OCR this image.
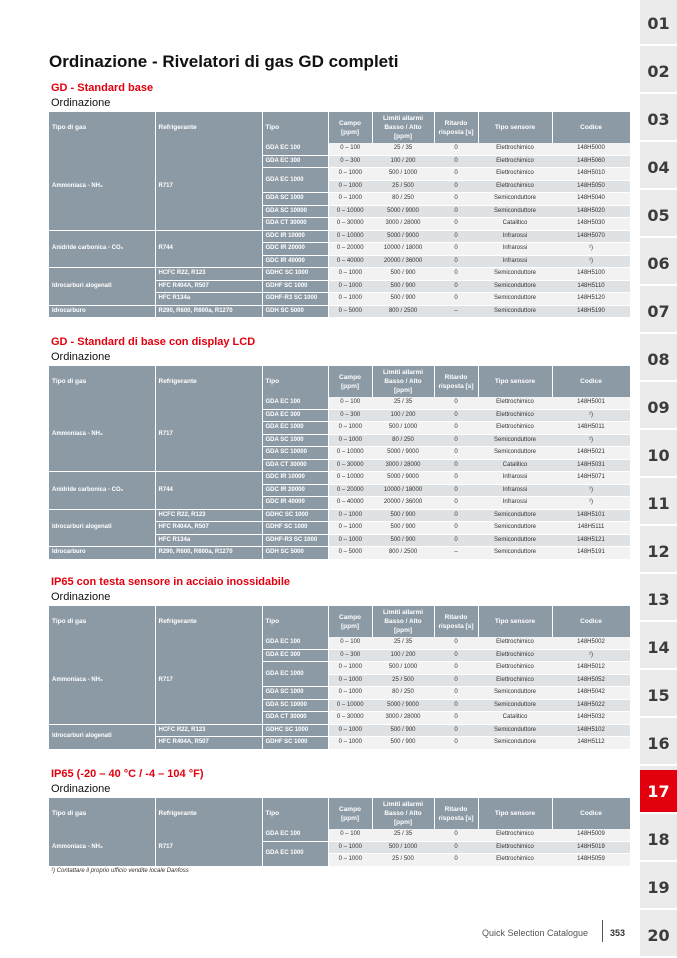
01
02
03
04
05
06
07
08
09
10
11
12
13
14
15
16
17
18
19
20
Ordinazione - Rivelatori di gas GD completi
GD - Standard base
Ordinazione
Tipo di gas	Refrigerante	Tipo	Campo [ppm]	Limiti allarmi Basso / Alto [ppm]	Ritardo risposta [s]	Tipo sensore	Codice
Ammoniaca - NH₃	R717	GDA EC 100	0 – 100	25 / 35	0	Elettrochimico	148H5000
		GDA EC 300	0 – 300	100 / 200	0	Elettrochimico	148H5060
		GDA EC 1000	0 – 1000	500 / 1000	0	Elettrochimico	148H5010
			0 – 1000	25 / 500	0	Elettrochimico	148H5050
		GDA SC 1000	0 – 1000	80 / 250	0	Semiconduttore	148H5040
		GDA SC 10000	0 – 10000	5000 / 9000	0	Semiconduttore	148H5020
		GDA CT 30000	0 – 30000	3000 / 28000	0	Catalitico	148H5030
Anidride carbonica - CO₂	R744	GDC IR 10000	0 – 10000	5000 / 9000	0	Infrarossi	148H5070
		GDC IR 20000	0 – 20000	10000 / 18000	0	Infrarossi	¹)
		GDC IR 40000	0 – 40000	20000 / 36000	0	Infrarossi	¹)
Idrocarburi alogenati	HCFC R22, R123	GDHC SC 1000	0 – 1000	500 / 900	0	Semiconduttore	148H5100
	HFC R404A, R507	GDHF SC 1000	0 – 1000	500 / 900	0	Semiconduttore	148H5110
	HFC R134a	GDHF-R3 SC 1000	0 – 1000	500 / 900	0	Semiconduttore	148H5120
Idrocarburo	R290, R600, R600a, R1270	GDH SC 5000	0 – 5000	800 / 2500	–	Semiconduttore	148H5190
GD - Standard di base con display LCD
Ordinazione
Tipo di gas	Refrigerante	Tipo	Campo [ppm]	Limiti allarmi Basso / Alto [ppm]	Ritardo risposta [s]	Tipo sensore	Codice
Ammoniaca - NH₃	R717	GDA EC 100	0 – 100	25 / 35	0	Elettrochimico	148H5001
		GDA EC 300	0 – 300	100 / 200	0	Elettrochimico	¹)
		GDA EC 1000	0 – 1000	500 / 1000	0	Elettrochimico	148H5011
		GDA SC 1000	0 – 1000	80 / 250	0	Semiconduttore	¹)
		GDA SC 10000	0 – 10000	5000 / 9000	0	Semiconduttore	148H5021
		GDA CT 30000	0 – 30000	3000 / 28000	0	Catalitico	148H5031
Anidride carbonica - CO₂	R744	GDC IR 10000	0 – 10000	5000 / 9000	0	Infrarossi	148H5071
		GDC IR 20000	0 – 20000	10000 / 18000	0	Infrarossi	¹)
		GDC IR 40000	0 – 40000	20000 / 36000	0	Infrarossi	¹)
Idrocarburi alogenati	HCFC R22, R123	GDHC SC 1000	0 – 1000	500 / 900	0	Semiconduttore	148H5101
	HFC R404A, R507	GDHF SC 1000	0 – 1000	500 / 900	0	Semiconduttore	148H5111
	HFC R134a	GDHF-R3 SC 1000	0 – 1000	500 / 900	0	Semiconduttore	148H5121
Idrocarburo	R290, R600, R600a, R1270	GDH SC 5000	0 – 5000	800 / 2500	–	Semiconduttore	148H5191
IP65 con testa sensore in acciaio inossidabile
Ordinazione
Tipo di gas	Refrigerante	Tipo	Campo [ppm]	Limiti allarmi Basso / Alto [ppm]	Ritardo risposta [s]	Tipo sensore	Codice
Ammoniaca - NH₃	R717	GDA EC 100	0 – 100	25 / 35	0	Elettrochimico	148H5002
		GDA EC 300	0 – 300	100 / 200	0	Elettrochimico	¹)
		GDA EC 1000	0 – 1000	500 / 1000	0	Elettrochimico	148H5012
			0 – 1000	25 / 500	0	Elettrochimico	148H5052
		GDA SC 1000	0 – 1000	80 / 250	0	Semiconduttore	148H5042
		GDA SC 10000	0 – 10000	5000 / 9000	0	Semiconduttore	148H5022
		GDA CT 30000	0 – 30000	3000 / 28000	0	Catalitico	148H5032
Idrocarburi alogenati	HCFC R22, R123	GDHC SC 1000	0 – 1000	500 / 900	0	Semiconduttore	148H5102
	HFC R404A, R507	GDHF SC 1000	0 – 1000	500 / 900	0	Semiconduttore	148H5112
IP65 (-20 – 40 °C / -4 – 104 °F)
Ordinazione
Tipo di gas	Refrigerante	Tipo	Campo [ppm]	Limiti allarmi Basso / Alto [ppm]	Ritardo risposta [s]	Tipo sensore	Codice
Ammoniaca - NH₃	R717	GDA EC 100	0 – 100	25 / 35	0	Elettrochimico	148H5009
		GDA EC 1000	0 – 1000	500 / 1000	0	Elettrochimico	148H5019
			0 – 1000	25 / 500	0	Elettrochimico	148H5059
¹) Contattare il proprio ufficio vendite locale Danfoss
Quick Selection Catalogue 353
